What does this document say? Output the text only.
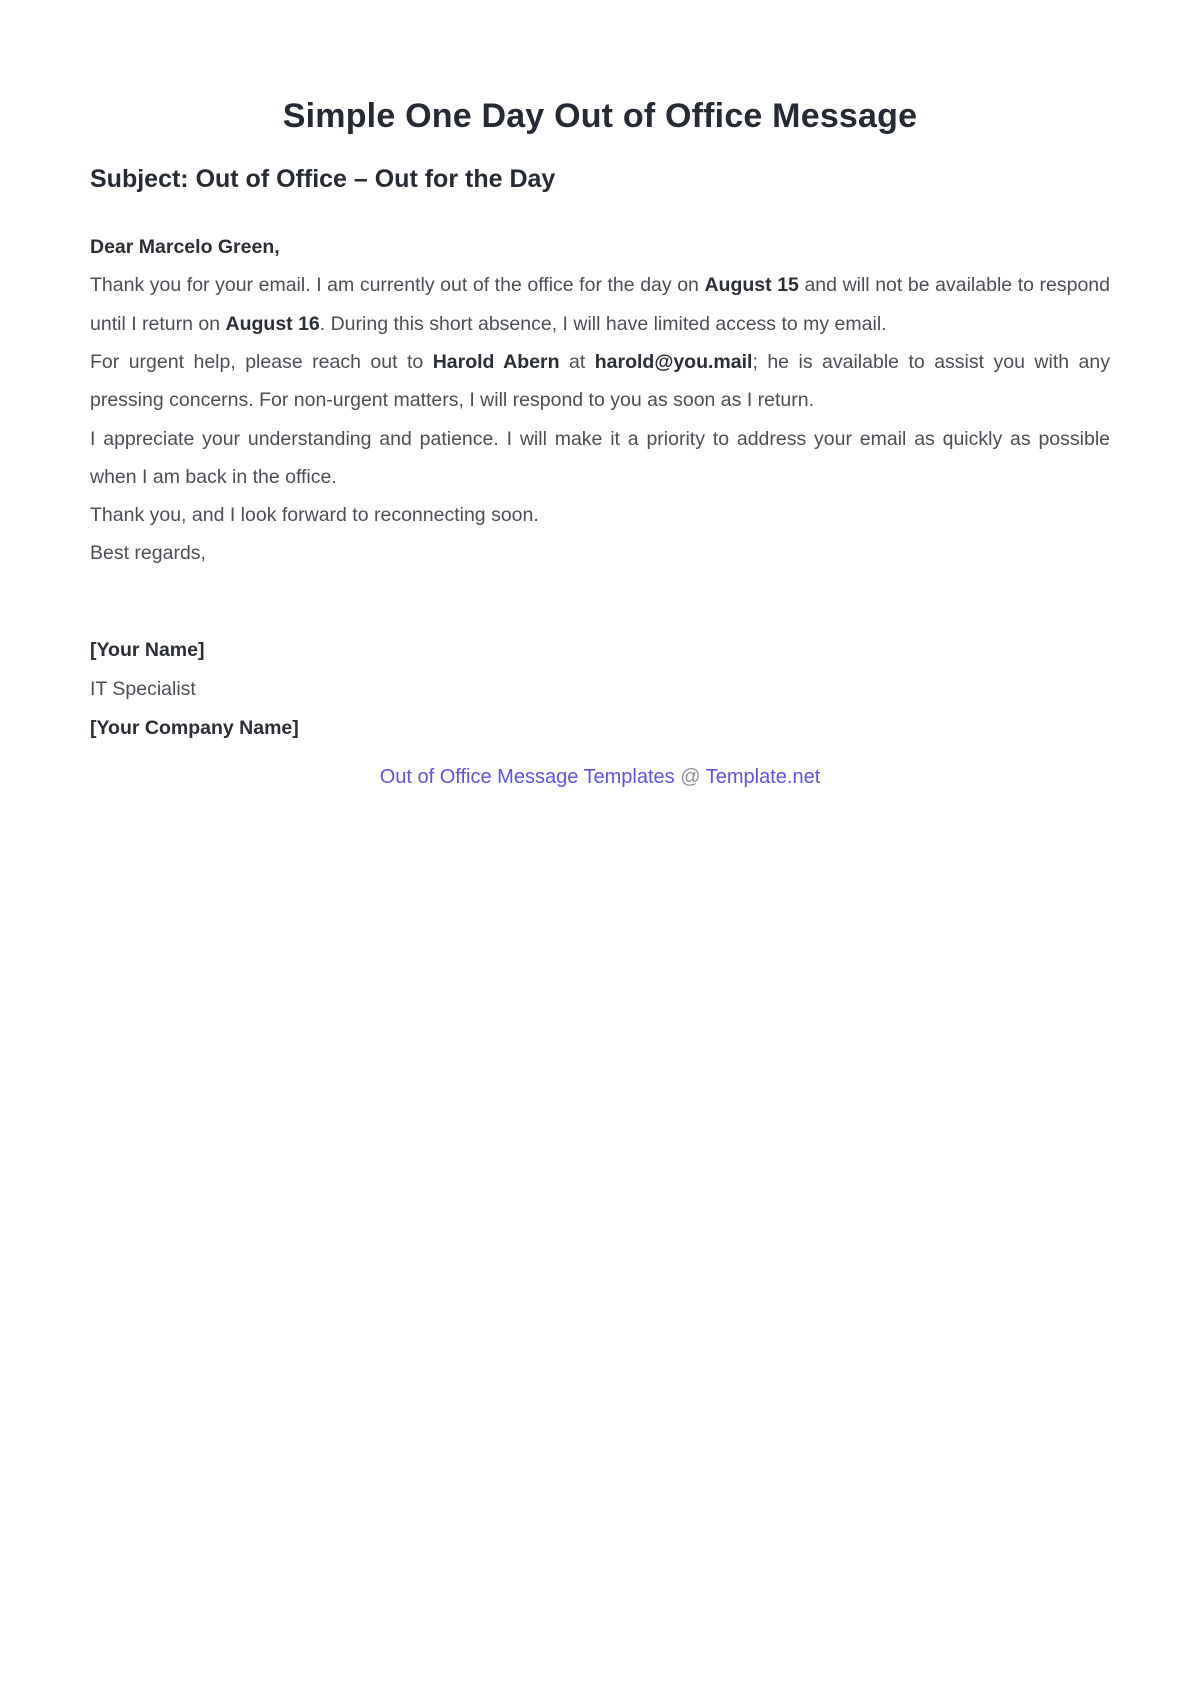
Simple One Day Out of Office Message
Subject: Out of Office – Out for the Day

Dear Marcelo Green,

Thank you for your email. I am currently out of the office for the day on August 15 and will not be available to respond until I return on August 16. During this short absence, I will have limited access to my email.

For urgent help, please reach out to Harold Abern at harold@you.mail; he is available to assist you with any pressing concerns. For non-urgent matters, I will respond to you as soon as I return.

I appreciate your understanding and patience. I will make it a priority to address your email as quickly as possible when I am back in the office.

Thank you, and I look forward to reconnecting soon.

Best regards,

[Your Name]
IT Specialist
[Your Company Name]
Out of Office Message Templates @ Template.net
